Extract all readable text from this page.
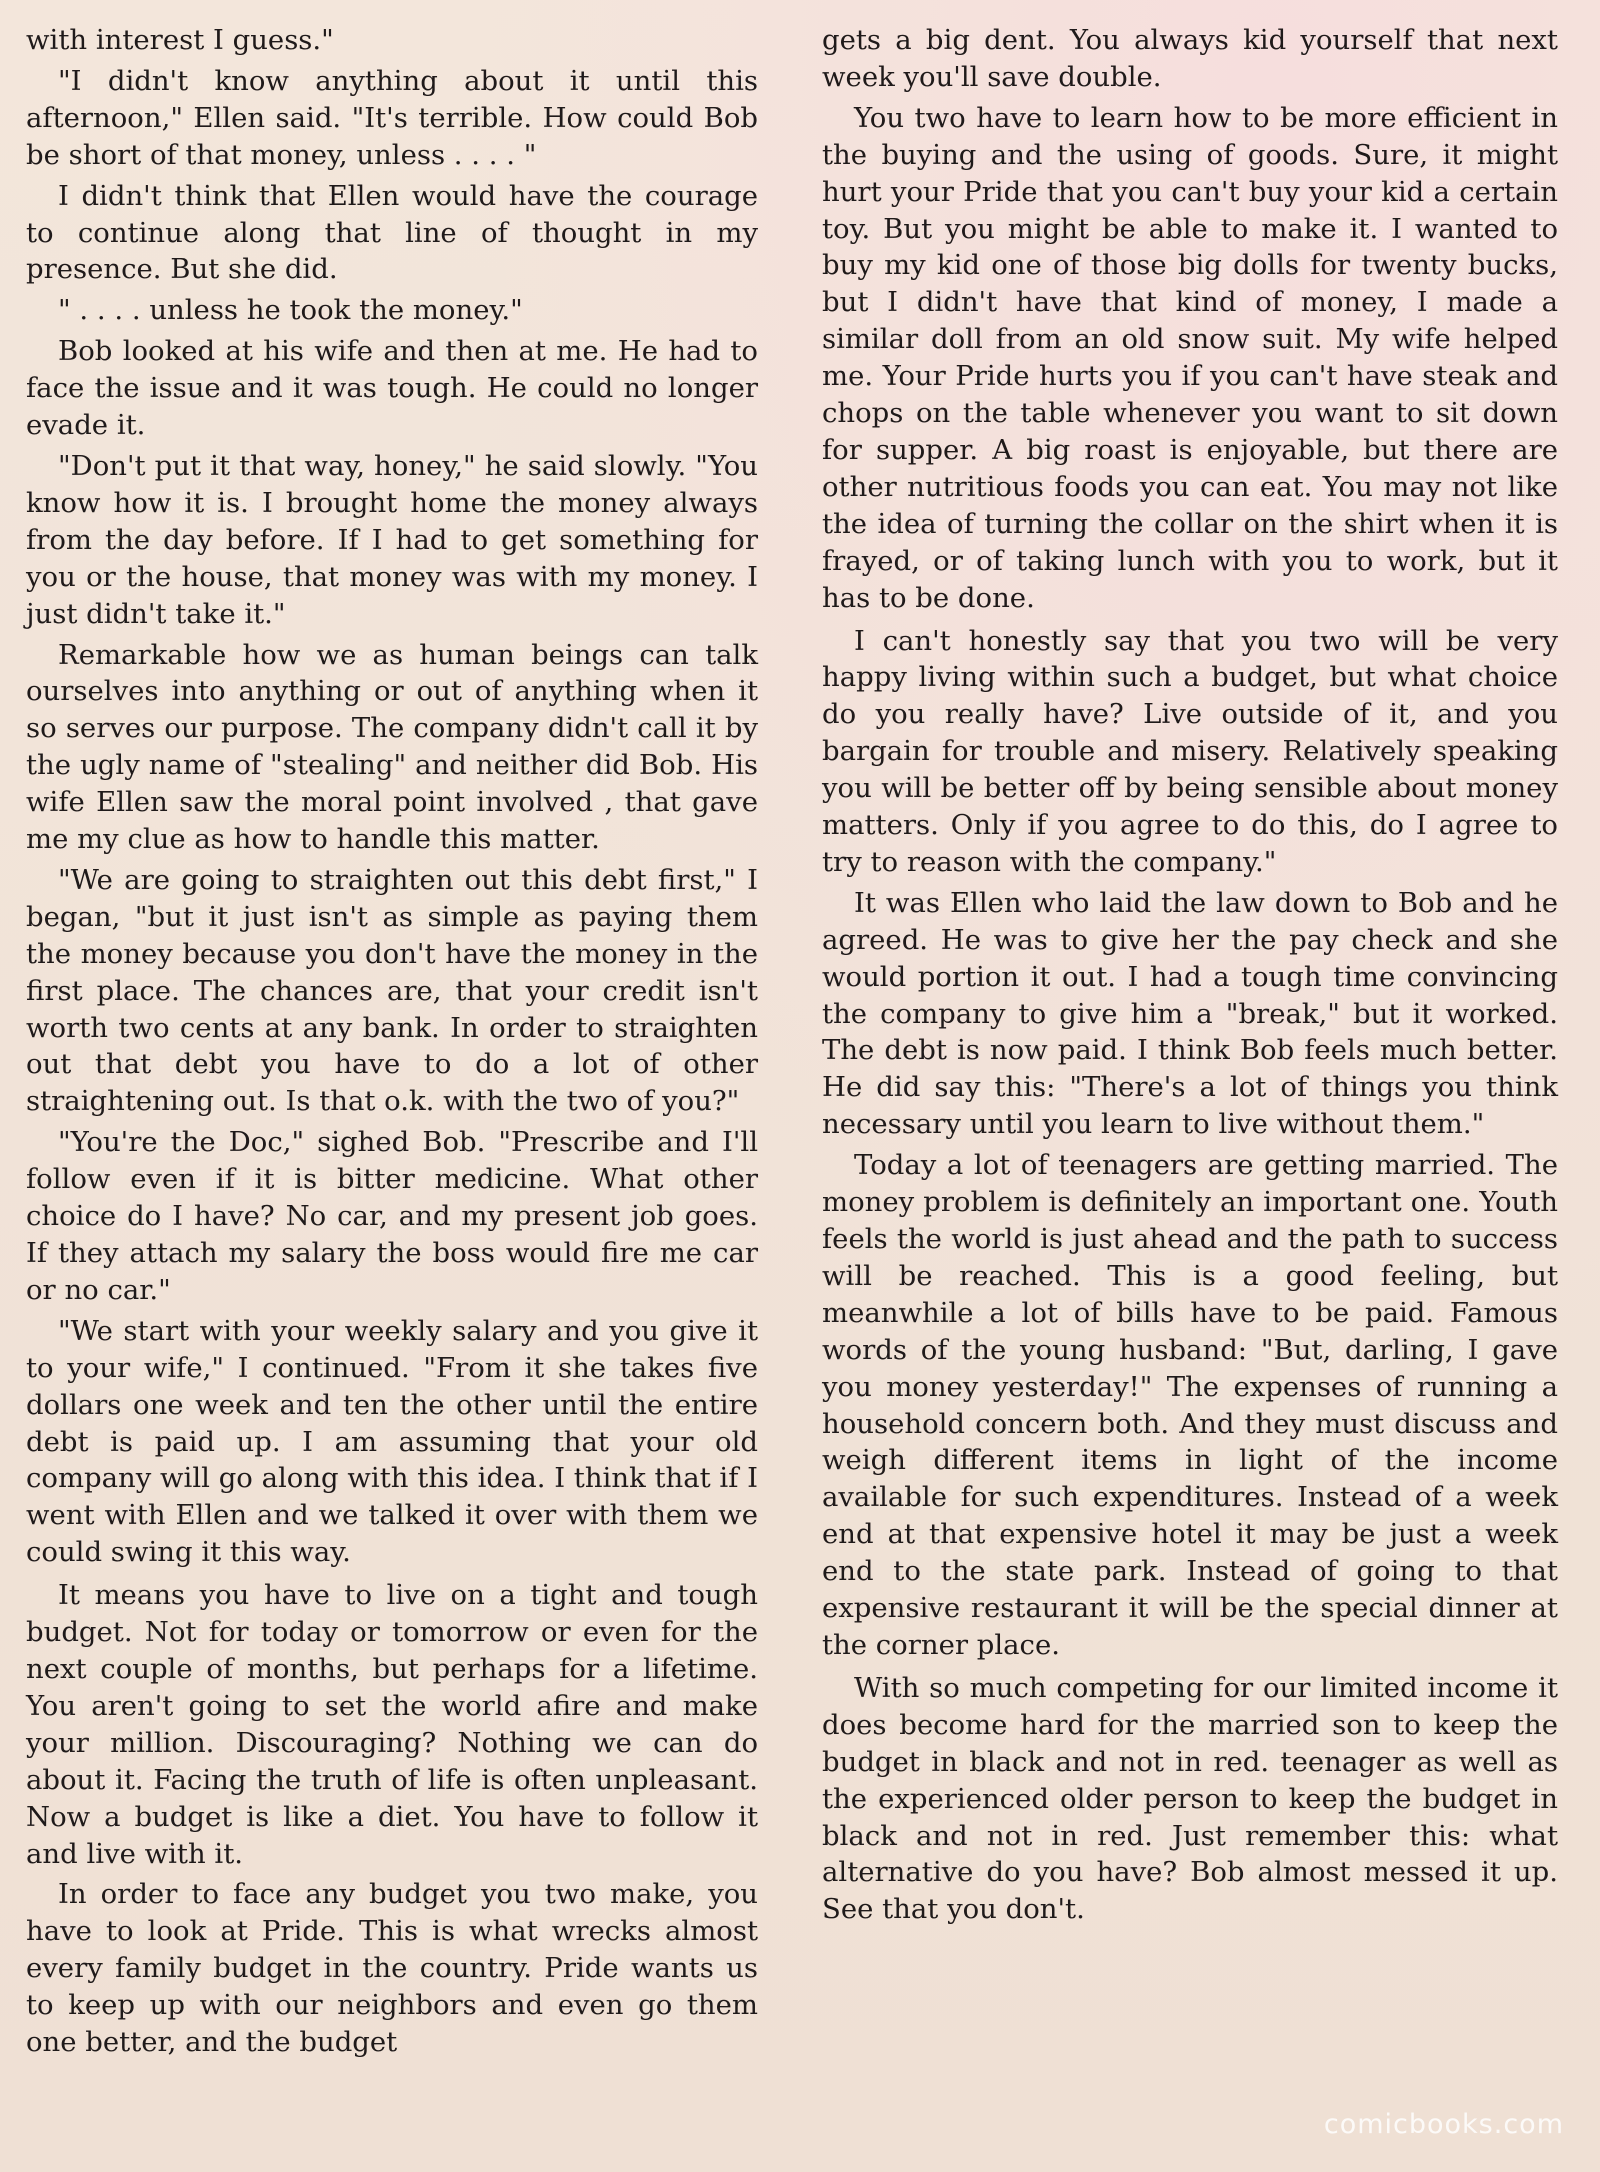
with interest I guess."

"I didn't know anything about it until this afternoon," Ellen said. "It's terrible. How could Bob be short of that money, unless . . . . "

I didn't think that Ellen would have the courage to continue along that line of thought in my presence. But she did.

" . . . . unless he took the money."

Bob looked at his wife and then at me. He had to face the issue and it was tough. He could no longer evade it.

"Don't put it that way, honey," he said slowly. "You know how it is. I brought home the money always from the day before. If I had to get something for you or the house, that money was with my money. I just didn't take it."

Remarkable how we as human beings can talk ourselves into anything or out of anything when it so serves our purpose. The company didn't call it by the ugly name of "stealing" and neither did Bob. His wife Ellen saw the moral point involved , that gave me my clue as how to handle this matter.

"We are going to straighten out this debt first," I began, "but it just isn't as simple as paying them the money because you don't have the money in the first place. The chances are, that your credit isn't worth two cents at any bank. In order to straighten out that debt you have to do a lot of other straightening out. Is that o.k. with the two of you?"

"You're the Doc," sighed Bob. "Prescribe and I'll follow even if it is bitter medicine. What other choice do I have? No car, and my present job goes. If they attach my salary the boss would fire me car or no car."

"We start with your weekly salary and you give it to your wife," I continued. "From it she takes five dollars one week and ten the other until the entire debt is paid up. I am assuming that your old company will go along with this idea. I think that if I went with Ellen and we talked it over with them we could swing it this way.

It means you have to live on a tight and tough budget. Not for today or tomorrow or even for the next couple of months, but perhaps for a lifetime. You aren't going to set the world afire and make your million. Discouraging? Nothing we can do about it. Facing the truth of life is often unpleasant. Now a budget is like a diet. You have to follow it and live with it.

In order to face any budget you two make, you have to look at Pride. This is what wrecks almost every family budget in the country. Pride wants us to keep up with our neighbors and even go them one better, and the budget

gets a big dent. You always kid yourself that next week you'll save double.

You two have to learn how to be more efficient in the buying and the using of goods. Sure, it might hurt your Pride that you can't buy your kid a certain toy. But you might be able to make it. I wanted to buy my kid one of those big dolls for twenty bucks, but I didn't have that kind of money, I made a similar doll from an old snow suit. My wife helped me. Your Pride hurts you if you can't have steak and chops on the table whenever you want to sit down for supper. A big roast is enjoyable, but there are other nutritious foods you can eat. You may not like the idea of turning the collar on the shirt when it is frayed, or of taking lunch with you to work, but it has to be done.

I can't honestly say that you two will be very happy living within such a budget, but what choice do you really have? Live outside of it, and you bargain for trouble and misery. Relatively speaking you will be better off by being sensible about money matters. Only if you agree to do this, do I agree to try to reason with the company."

It was Ellen who laid the law down to Bob and he agreed. He was to give her the pay check and she would portion it out. I had a tough time convincing the company to give him a "break," but it worked. The debt is now paid. I think Bob feels much better. He did say this: "There's a lot of things you think necessary until you learn to live without them."

Today a lot of teenagers are getting married. The money problem is definitely an important one. Youth feels the world is just ahead and the path to success will be reached. This is a good feeling, but meanwhile a lot of bills have to be paid. Famous words of the young husband: "But, darling, I gave you money yesterday!" The expenses of running a household concern both. And they must discuss and weigh different items in light of the income available for such expenditures. Instead of a week end at that expensive hotel it may be just a week end to the state park. Instead of going to that expensive restaurant it will be the special dinner at the corner place.

With so much competing for our limited income it does become hard for the married son to keep the budget in black and not in red. teenager as well as the experienced older person to keep the budget in black and not in red. Just remember this: what alternative do you have? Bob almost messed it up. See that you don't.

comicbooks.com
